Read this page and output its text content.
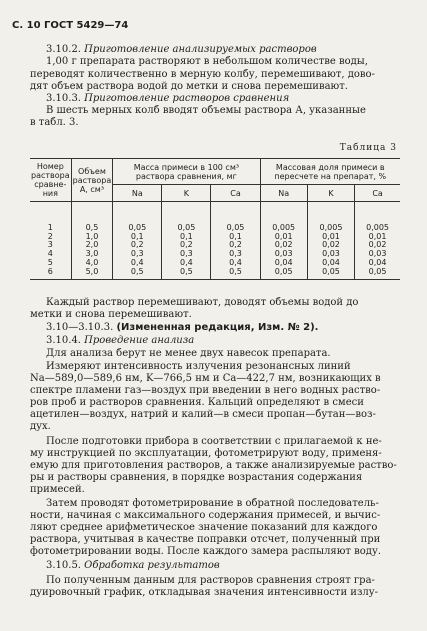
С. 10 ГОСТ 5429—74
Таблица 3
Номер раствора сравне-ния	Объем раствора А, см³	Масса примеси в 100 см³ раствора сравнения, мг			Массовая доля примеси в пересчете на препарат, %		
		Na	K	Ca	Na	K	Ca
1	0,5	0,05	0,05	0,05	0,005	0,005	0,005
2	1,0	0,1	0,1	0,1	0,01	0,01	0,01
3	2,0	0,2	0,2	0,2	0,02	0,02	0,02
4	3,0	0,3	0,3	0,3	0,03	0,03	0,03
5	4,0	0,4	0,4	0,4	0,04	0,04	0,04
6	5,0	0,5	0,5	0,5	0,05	0,05	0,05
3.10.2. Приготовление анализируемых растворов
1,00 г препарата растворяют в небольшом количестве воды,
переводят количественно в мерную колбу, перемешивают, дово-
дят объем раствора водой до метки и снова перемешивают.
3.10.3. Приготовление растворов сравнения
В шесть мерных колб вводят объемы раствора А, указанные
в табл. 3.
Каждый раствор перемешивают, доводят объемы водой до
метки и снова перемешивают.
3.10—3.10.3. (Измененная редакция, Изм. № 2).
3.10.4. Проведение анализа
Для анализа берут не менее двух навесок препарата.
Измеряют интенсивность излучения резонансных линий
Na—589,0—589,6 нм, K—766,5 нм и Ca—422,7 нм, возникающих в
спектре пламени газ—воздух при введении в него водных раство-
ров проб и растворов сравнения. Кальций определяют в смеси
ацетилен—воздух, натрий и калий—в смеси пропан—бутан—воз-
дух.
После подготовки прибора в соответствии с прилагаемой к не-
му инструкцией по эксплуатации, фотометрируют воду, применя-
емую для приготовления растворов, а также анализируемые раство-
ры и растворы сравнения, в порядке возрастания содержания
примесей.
Затем проводят фотометрирование в обратной последователь-
ности, начиная с максимального содержания примесей, и вычис-
ляют среднее арифметическое значение показаний для каждого
раствора, учитывая в качестве поправки отсчет, полученный при
фотометрировании воды. После каждого замера распыляют воду.
3.10.5. Обработка результатов
По полученным данным для растворов сравнения строят гра-
дуировочный график, откладывая значения интенсивности излу-
